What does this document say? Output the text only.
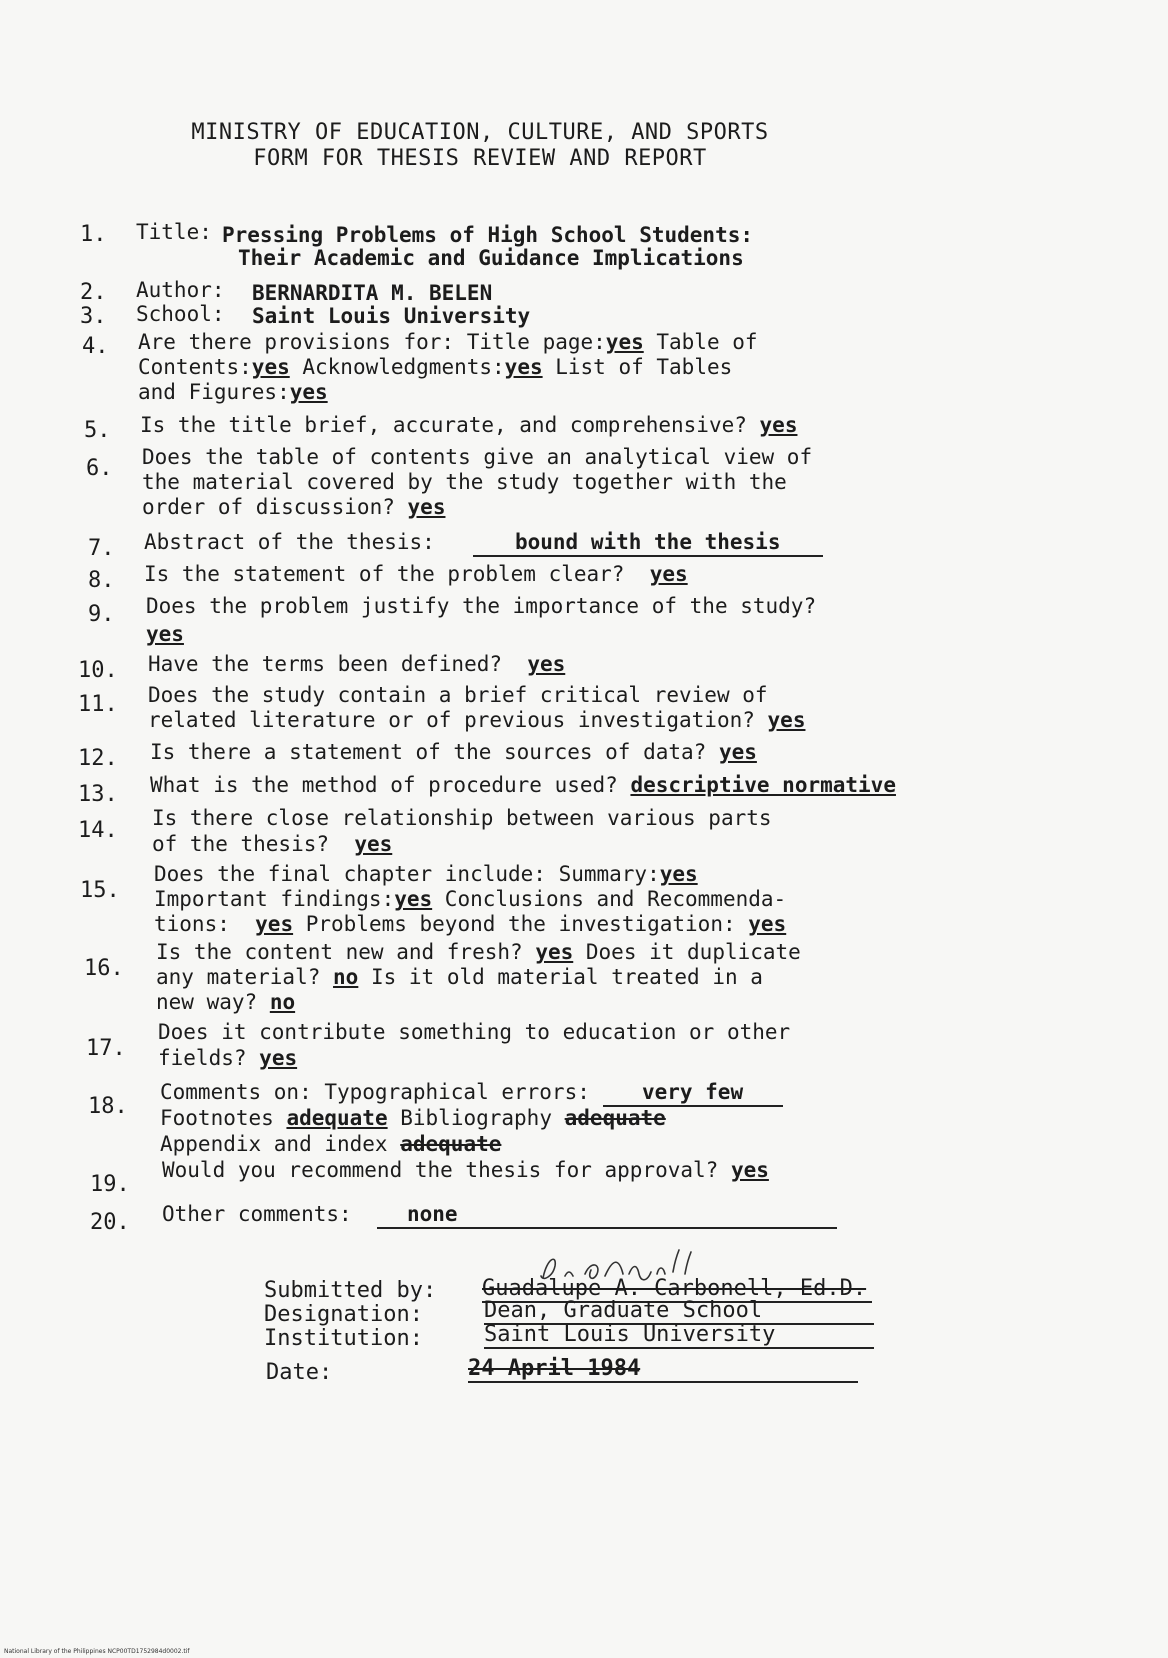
MINISTRY OF EDUCATION, CULTURE, AND SPORTS
FORM FOR THESIS REVIEW AND REPORT
1. Title: Pressing Problems of High School Students:
Their Academic and Guidance Implications
2. Author: BERNARDITA M. BELEN
3. School: Saint Louis University
4. Are there provisions for: Title page:yes Table of
Contents:yes Acknowledgments:yes List of Tables
and Figures:yes
5. Is the title brief, accurate, and comprehensive? yes
6. Does the table of contents give an analytical view of
the material covered by the study together with the
order of discussion? yes
7. Abstract of the thesis:	bound with the thesis
8. Is the statement of the problem clear? yes
9. Does the problem justify the importance of the study?
yes
10. Have the terms been defined? yes
11. Does the study contain a brief critical review of
related literature or of previous investigation? yes
12. Is there a statement of the sources of data? yes
13. What is the method of procedure used? descriptive normative
14. Is there close relationship between various parts
of the thesis? yes
15.
Does the final chapter include: Summary:yes
Important findings:yes Conclusions and Recommenda-
tions: yes Problems beyond the investigation: yes
16.
Is the content new and fresh? yes Does it duplicate
any material? no Is it old material treated in a
new way? no
17.
Does it contribute something to education or other
fields? yes
18.
Comments on: Typographical errors: very few
Footnotes adequate Bibliography adequate
Appendix and index adequate
19.
Would you recommend the thesis for approval? yes
20. Other comments:	none
Submitted by: Guadalupe A. Carbonell, Ed.D.
Designation:	Dean, Graduate School
Institution:	Saint Louis University
Date:	24 April 1984
National Library of the Philippines NCP00TD1752984d0002.tif
